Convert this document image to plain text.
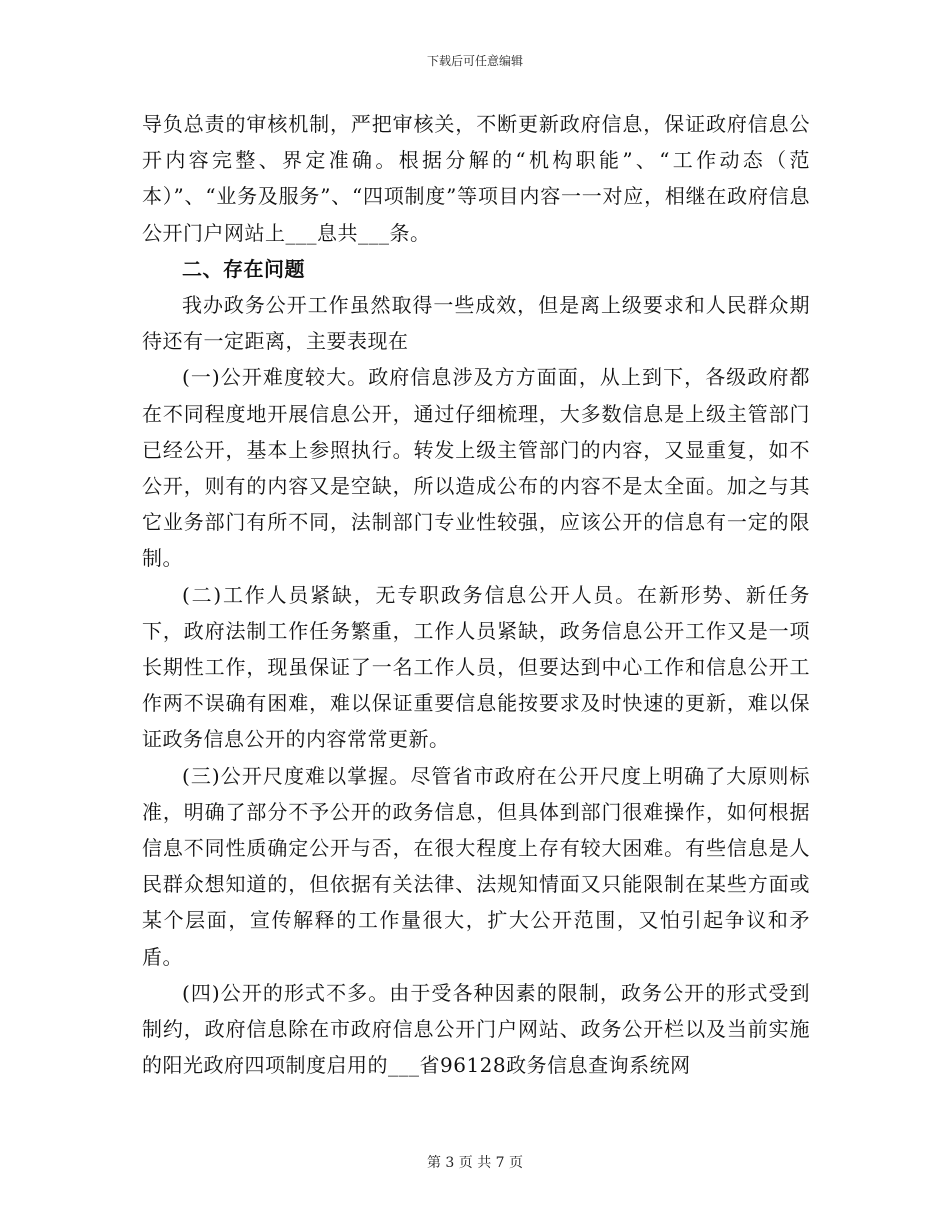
下载后可任意编辑

导负总责的审核机制，严把审核关，不断更新政府信息，保证政府信息公开内容完整、界定准确。根据分解的“机构职能”、“工作动态（范本）”、“业务及服务”、“四项制度”等项目内容一一对应，相继在政府信息公开门户网站上___息共___条。

二、存在问题

我办政务公开工作虽然取得一些成效，但是离上级要求和人民群众期待还有一定距离，主要表现在

(一)公开难度较大。政府信息涉及方方面面，从上到下，各级政府都在不同程度地开展信息公开，通过仔细梳理，大多数信息是上级主管部门已经公开，基本上参照执行。转发上级主管部门的内容，又显重复，如不公开，则有的内容又是空缺，所以造成公布的内容不是太全面。加之与其它业务部门有所不同，法制部门专业性较强，应该公开的信息有一定的限制。

(二)工作人员紧缺，无专职政务信息公开人员。在新形势、新任务下，政府法制工作任务繁重，工作人员紧缺，政务信息公开工作又是一项长期性工作，现虽保证了一名工作人员，但要达到中心工作和信息公开工作两不误确有困难，难以保证重要信息能按要求及时快速的更新，难以保证政务信息公开的内容常常更新。

(三)公开尺度难以掌握。尽管省市政府在公开尺度上明确了大原则标准，明确了部分不予公开的政务信息，但具体到部门很难操作，如何根据信息不同性质确定公开与否，在很大程度上存有较大困难。有些信息是人民群众想知道的，但依据有关法律、法规知情面又只能限制在某些方面或某个层面，宣传解释的工作量很大，扩大公开范围，又怕引起争议和矛盾。

(四)公开的形式不多。由于受各种因素的限制，政务公开的形式受到制约，政府信息除在市政府信息公开门户网站、政务公开栏以及当前实施的阳光政府四项制度启用的___省96128政务信息查询系统网

第 3 页 共 7 页
